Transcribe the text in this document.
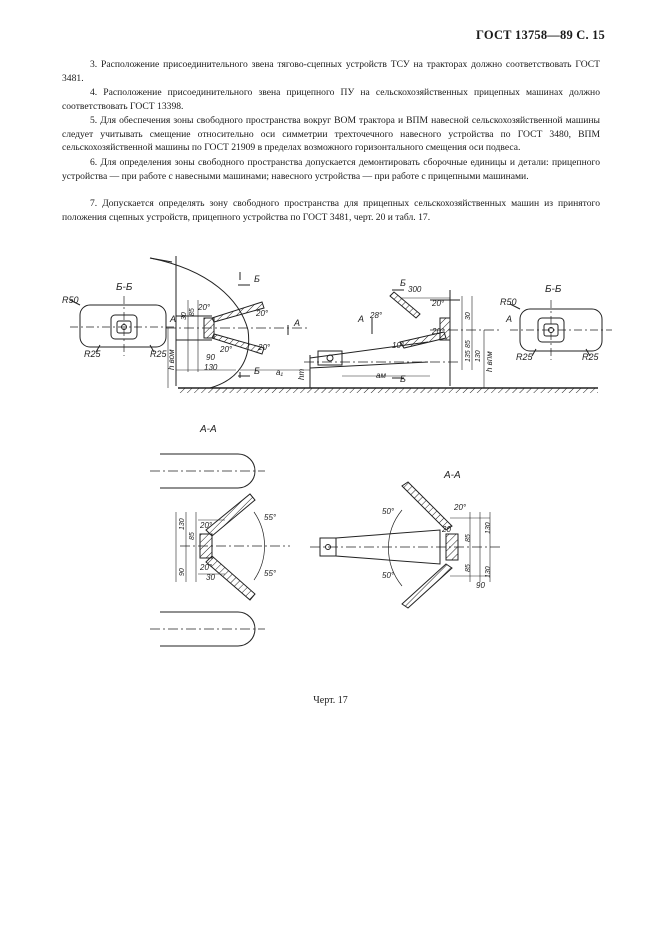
ГОСТ 13758—89 С. 15

3. Расположение присоединительного звена тягово-сцепных устройств ТСУ на тракторах должно соответствовать ГОСТ 3481.

4. Расположение присоединительного звена прицепного ПУ на сельскохозяйственных прицепных машинах должно соответствовать ГОСТ 13398.

5. Для обеспечения зоны свободного пространства вокруг ВОМ трактора и ВПМ навесной сельскохозяйственной машины следует учитывать смещение относительно оси симметрии трехточечного навесного устройства по ГОСТ 3480, ВПМ сельскохозяйственной машины по ГОСТ 21909 в пределах возможного горизонтального смещения оси подвеса.

6. Для определения зоны свободного пространства допускается демонтировать сборочные единицы и детали: прицепного устройства — при работе с навесными машинами; навесного устройства — при работе с прицепными машинами.

7. Допускается определять зону свободного пространства для прицепных сельскохозяйственных машин из принятого положения сцепных устройств, прицепного устройства по ГОСТ 3481, черт. 20 и табл. 17.

Б-Б	Б-Б
А-А
А-А
R50
R25	R25
R50
R25	R25
А	А	А	А
Б
Б
Б
Б
20°
20°
20°	20°
90
130
30
85
h вом
hт
a₁	aм
h впм
300
20°
28°
20°
10°
30
85
135 130
55°
55°
20°
20°
30
130
85
90
50°
50°
20°
20
90
85
85
130
130
Черт. 17
